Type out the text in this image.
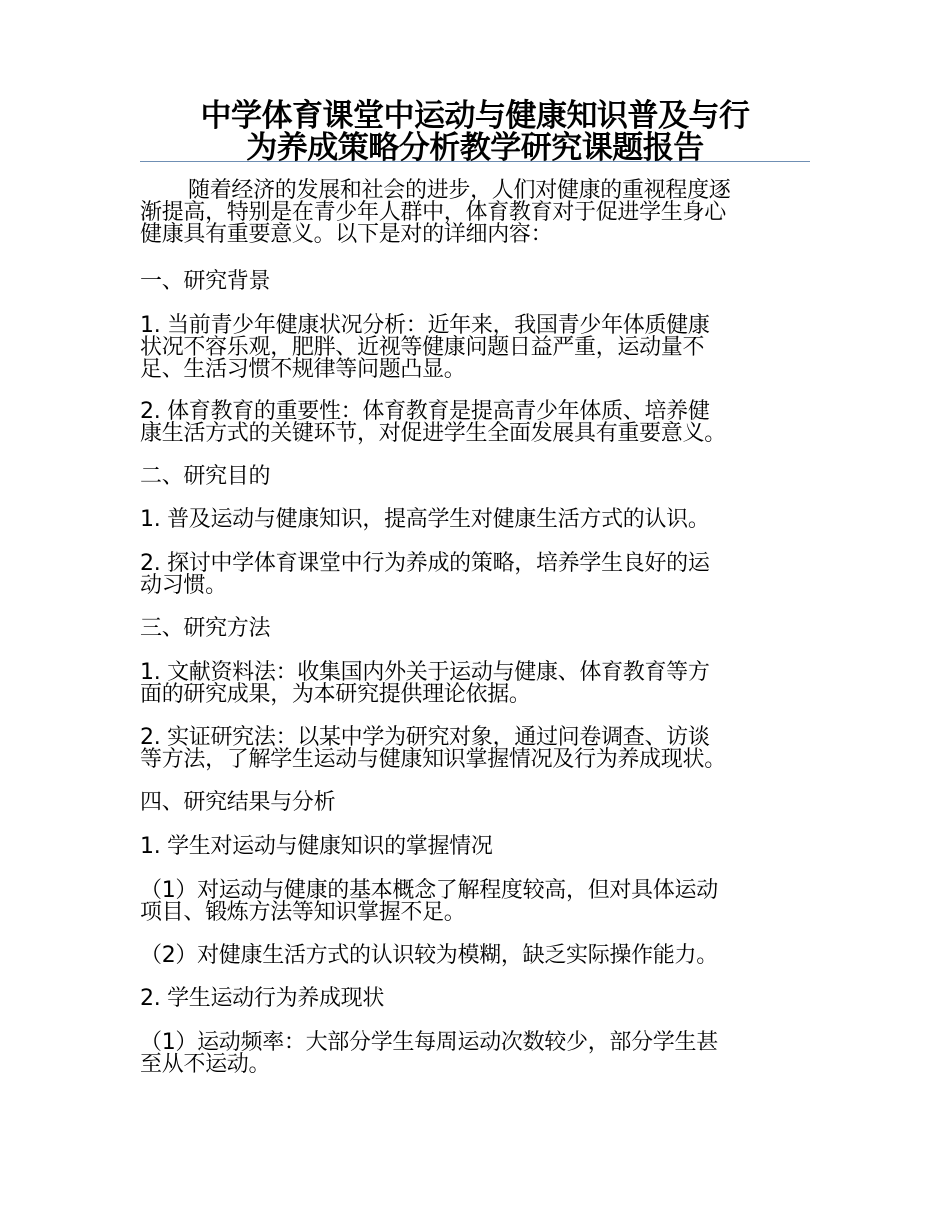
中学体育课堂中运动与健康知识普及与行
为养成策略分析教学研究课题报告

随着经济的发展和社会的进步，人们对健康的重视程度逐
渐提高，特别是在青少年人群中，体育教育对于促进学生身心
健康具有重要意义。以下是对的详细内容：

一、研究背景

1. 当前青少年健康状况分析：近年来，我国青少年体质健康
状况不容乐观，肥胖、近视等健康问题日益严重，运动量不
足、生活习惯不规律等问题凸显。

2. 体育教育的重要性：体育教育是提高青少年体质、培养健
康生活方式的关键环节，对促进学生全面发展具有重要意义。

二、研究目的

1. 普及运动与健康知识，提高学生对健康生活方式的认识。

2. 探讨中学体育课堂中行为养成的策略，培养学生良好的运
动习惯。

三、研究方法

1. 文献资料法：收集国内外关于运动与健康、体育教育等方
面的研究成果，为本研究提供理论依据。

2. 实证研究法：以某中学为研究对象，通过问卷调查、访谈
等方法，了解学生运动与健康知识掌握情况及行为养成现状。

四、研究结果与分析

1. 学生对运动与健康知识的掌握情况

（1）对运动与健康的基本概念了解程度较高，但对具体运动
项目、锻炼方法等知识掌握不足。

（2）对健康生活方式的认识较为模糊，缺乏实际操作能力。

2. 学生运动行为养成现状

（1）运动频率：大部分学生每周运动次数较少，部分学生甚
至从不运动。
